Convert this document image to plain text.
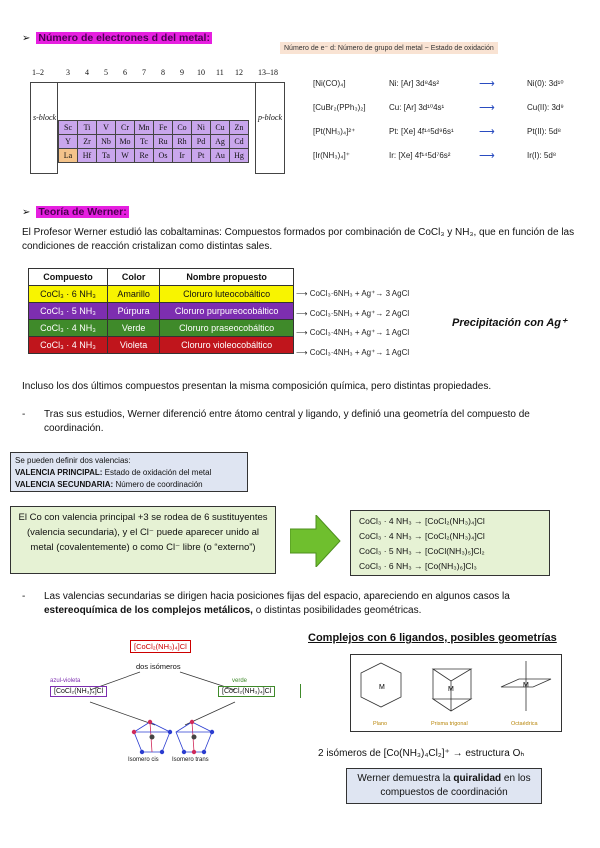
➢ Número de electrones d del metal:
Número de e⁻ d: Número de grupo del metal − Estado de oxidación
1–2	3 4 5 6 7 8 9 10 11 12 13–18
s-block	p-block
Sc	Ti	V	Cr	Mn	Fe	Co	Ni	Cu	Zn
Y	Zr	Nb	Mo	Tc	Ru	Rh	Pd	Ag	Cd
La	Hf	Ta	W	Re	Os	Ir	Pt	Au	Hg
[Ni(CO)₄]	Ni: [Ar] 3d⁸4s²	⟶	Ni(0): 3d¹⁰
[CuBr₂(PPh₃)₂]	Cu: [Ar] 3d¹⁰4s¹	⟶	Cu(II): 3d⁹
[Pt(NH₃)₄]²⁺	Pt: [Xe] 4f¹⁴5d⁹6s¹ ⟶	Pt(II): 5d⁸
[Ir(NH₃)₄]⁺	Ir: [Xe] 4f¹⁴5d⁷6s²	⟶	Ir(I): 5d⁸
➢ Teoría de Werner:
El Profesor Werner estudió las cobaltaminas: Compuestos formados por combinación de CoCl₃ y NH₃, que en función de las condiciones de reacción cristalizan como distintas sales.
Compuesto	Color	Nombre propuesto
CoCl₃ · 6 NH₃	Amarillo	Cloruro luteocobáltico
CoCl₃ · 5 NH₃	Púrpura	Cloruro purpureocobáltico
CoCl₃ · 4 NH₃	Verde	Cloruro praseocobáltico
CoCl₃ · 4 NH₃	Violeta	Cloruro violeocobáltico
⟶ CoCl₃·6NH₃ + Ag⁺→ 3 AgCl
⟶ CoCl₃·5NH₃ + Ag⁺→ 2 AgCl
⟶ CoCl₃·4NH₃ + Ag⁺→ 1 AgCl
⟶ CoCl₃·4NH₃ + Ag⁺→ 1 AgCl
Precipitación con Ag⁺
Incluso los dos últimos compuestos presentan la misma composición química, pero distintas propiedades.
-	Tras sus estudios, Werner diferenció entre átomo central y ligando, y definió una geometría del compuesto de coordinación.
Se pueden definir dos valencias:
VALENCIA PRINCIPAL: Estado de oxidación del metal
VALENCIA SECUNDARIA: Número de coordinación
El Co con valencia principal +3 se rodea de 6 sustituyentes (valencia secundaria), y el Cl⁻ puede aparecer unido al metal (covalentemente) o como Cl⁻ libre (o “externo”)
CoCl₃ · 4 NH₃ → [CoCl₂(NH₃)₄]Cl
CoCl₃ · 4 NH₃ → [CoCl₂(NH₃)₄]Cl
CoCl₃ · 5 NH₃ → [CoCl(NH₃)₅]Cl₂
CoCl₃ · 6 NH₃ → [Co(NH₃)₆]Cl₃
-	Las valencias secundarias se dirigen hacia posiciones fijas del espacio, apareciendo en algunos casos la estereoquímica de los complejos metálicos, o distintas posibilidades geométricas.
[CoCl₂(NH₃)₄]Cl
dos isómeros
azul-violeta
[CoCl₂(NH₃)₄]Cl
verde
[CoCl₂(NH₃)₄]Cl
Isomero cis Isomero trans
Complejos con 6 ligandos, posibles geometrías
M	M
M
Plano	Prisma trigonal	Octaédrica
2 isómeros de [Co(NH₃)₄Cl₂]⁺ → estructura Oₕ
Werner demuestra la quiralidad en los compuestos de coordinación
